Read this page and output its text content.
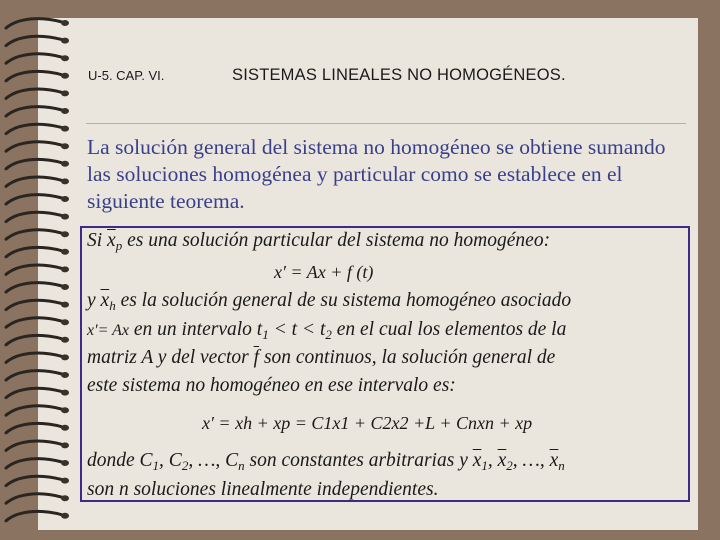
U-5. CAP. VI.	SISTEMAS LINEALES NO HOMOGÉNEOS.
La solución general del sistema no homogéneo se obtiene sumando las soluciones homogénea y particular como se establece en el siguiente teorema.
Si $\overline{x}_p$ es una solución particular del sistema no homogéneo:
x′ = Ax + f (t)
y $\overline{x}_h$ es la solución general de su sistema homogéneo asociado
x′= Ax en un intervalo $t_1 < t < t_2$ en el cual los elementos de la
matriz A y del vector $\overline{f}$ son continuos, la solución general de
este sistema no homogéneo en ese intervalo es:
x′ = xh + xp = C1x1 + C2x2 +L + Cnxn + xp
donde $C_1$, $C_2$, …, $C_n$ son constantes arbitrarias y $\overline{x}_1$, $\overline{x}_2$, …, $\overline{x}_n$
son n soluciones linealmente independientes.
